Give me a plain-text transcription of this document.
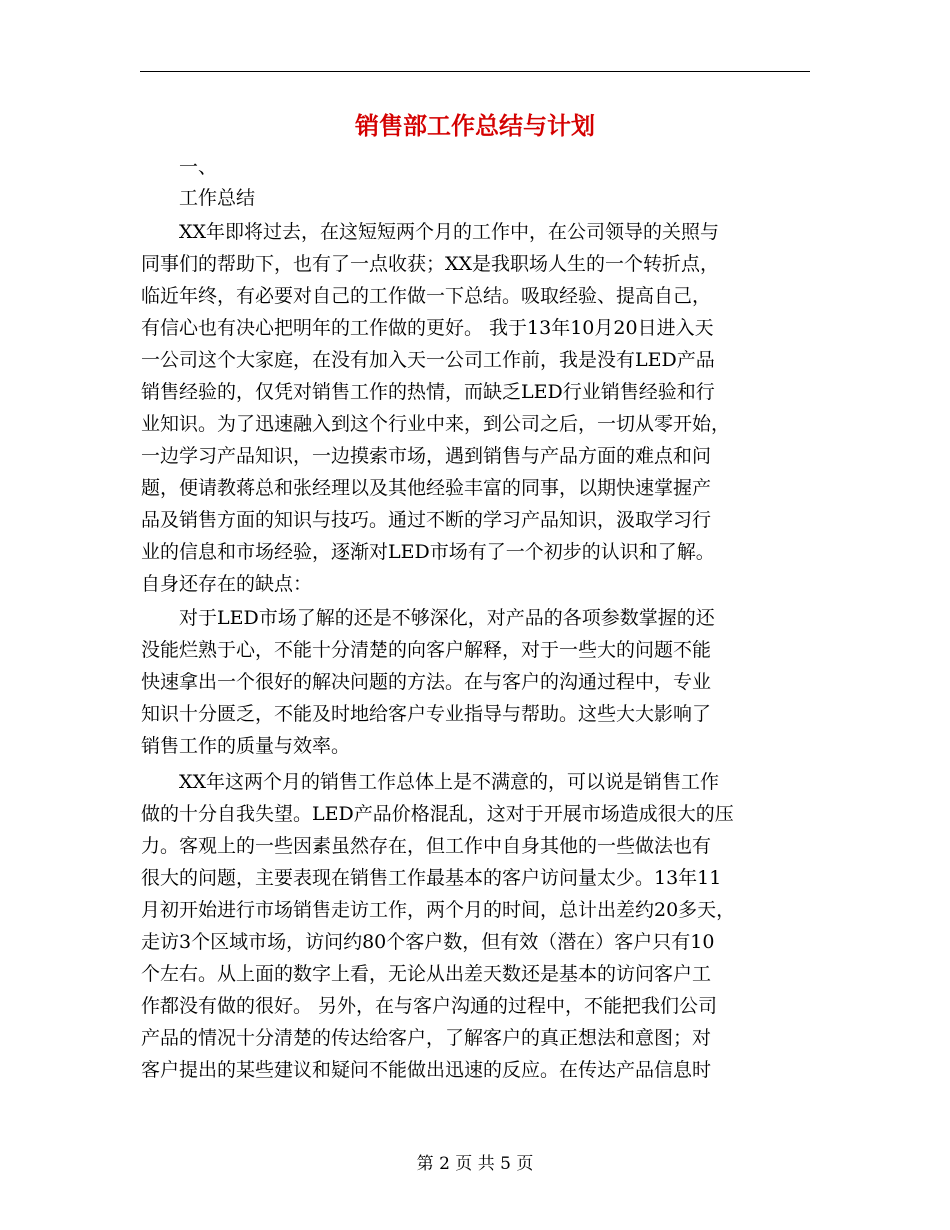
销售部工作总结与计划
　　一、
　　工作总结
　　XX年即将过去，在这短短两个月的工作中，在公司领导的关照与
同事们的帮助下，也有了一点收获；XX是我职场人生的一个转折点，
临近年终，有必要对自己的工作做一下总结。吸取经验、提高自己，
有信心也有决心把明年的工作做的更好。 我于13年10月20日进入天
一公司这个大家庭，在没有加入天一公司工作前，我是没有LED产品
销售经验的，仅凭对销售工作的热情，而缺乏LED行业销售经验和行
业知识。为了迅速融入到这个行业中来，到公司之后，一切从零开始，
一边学习产品知识，一边摸索市场，遇到销售与产品方面的难点和问
题，便请教蒋总和张经理以及其他经验丰富的同事，以期快速掌握产
品及销售方面的知识与技巧。通过不断的学习产品知识，汲取学习行
业的信息和市场经验，逐渐对LED市场有了一个初步的认识和了解。
自身还存在的缺点：
　　对于LED市场了解的还是不够深化，对产品的各项参数掌握的还
没能烂熟于心，不能十分清楚的向客户解释，对于一些大的问题不能
快速拿出一个很好的解决问题的方法。在与客户的沟通过程中，专业
知识十分匮乏，不能及时地给客户专业指导与帮助。这些大大影响了
销售工作的质量与效率。
　　XX年这两个月的销售工作总体上是不满意的，可以说是销售工作
做的十分自我失望。LED产品价格混乱，这对于开展市场造成很大的压
力。客观上的一些因素虽然存在，但工作中自身其他的一些做法也有
很大的问题，主要表现在销售工作最基本的客户访问量太少。13年11
月初开始进行市场销售走访工作，两个月的时间，总计出差约20多天，
走访3个区域市场，访问约80个客户数，但有效（潜在）客户只有10
个左右。从上面的数字上看，无论从出差天数还是基本的访问客户工
作都没有做的很好。 另外，在与客户沟通的过程中，不能把我们公司
产品的情况十分清楚的传达给客户，了解客户的真正想法和意图；对
客户提出的某些建议和疑问不能做出迅速的反应。在传达产品信息时
第 2 页 共 5 页
